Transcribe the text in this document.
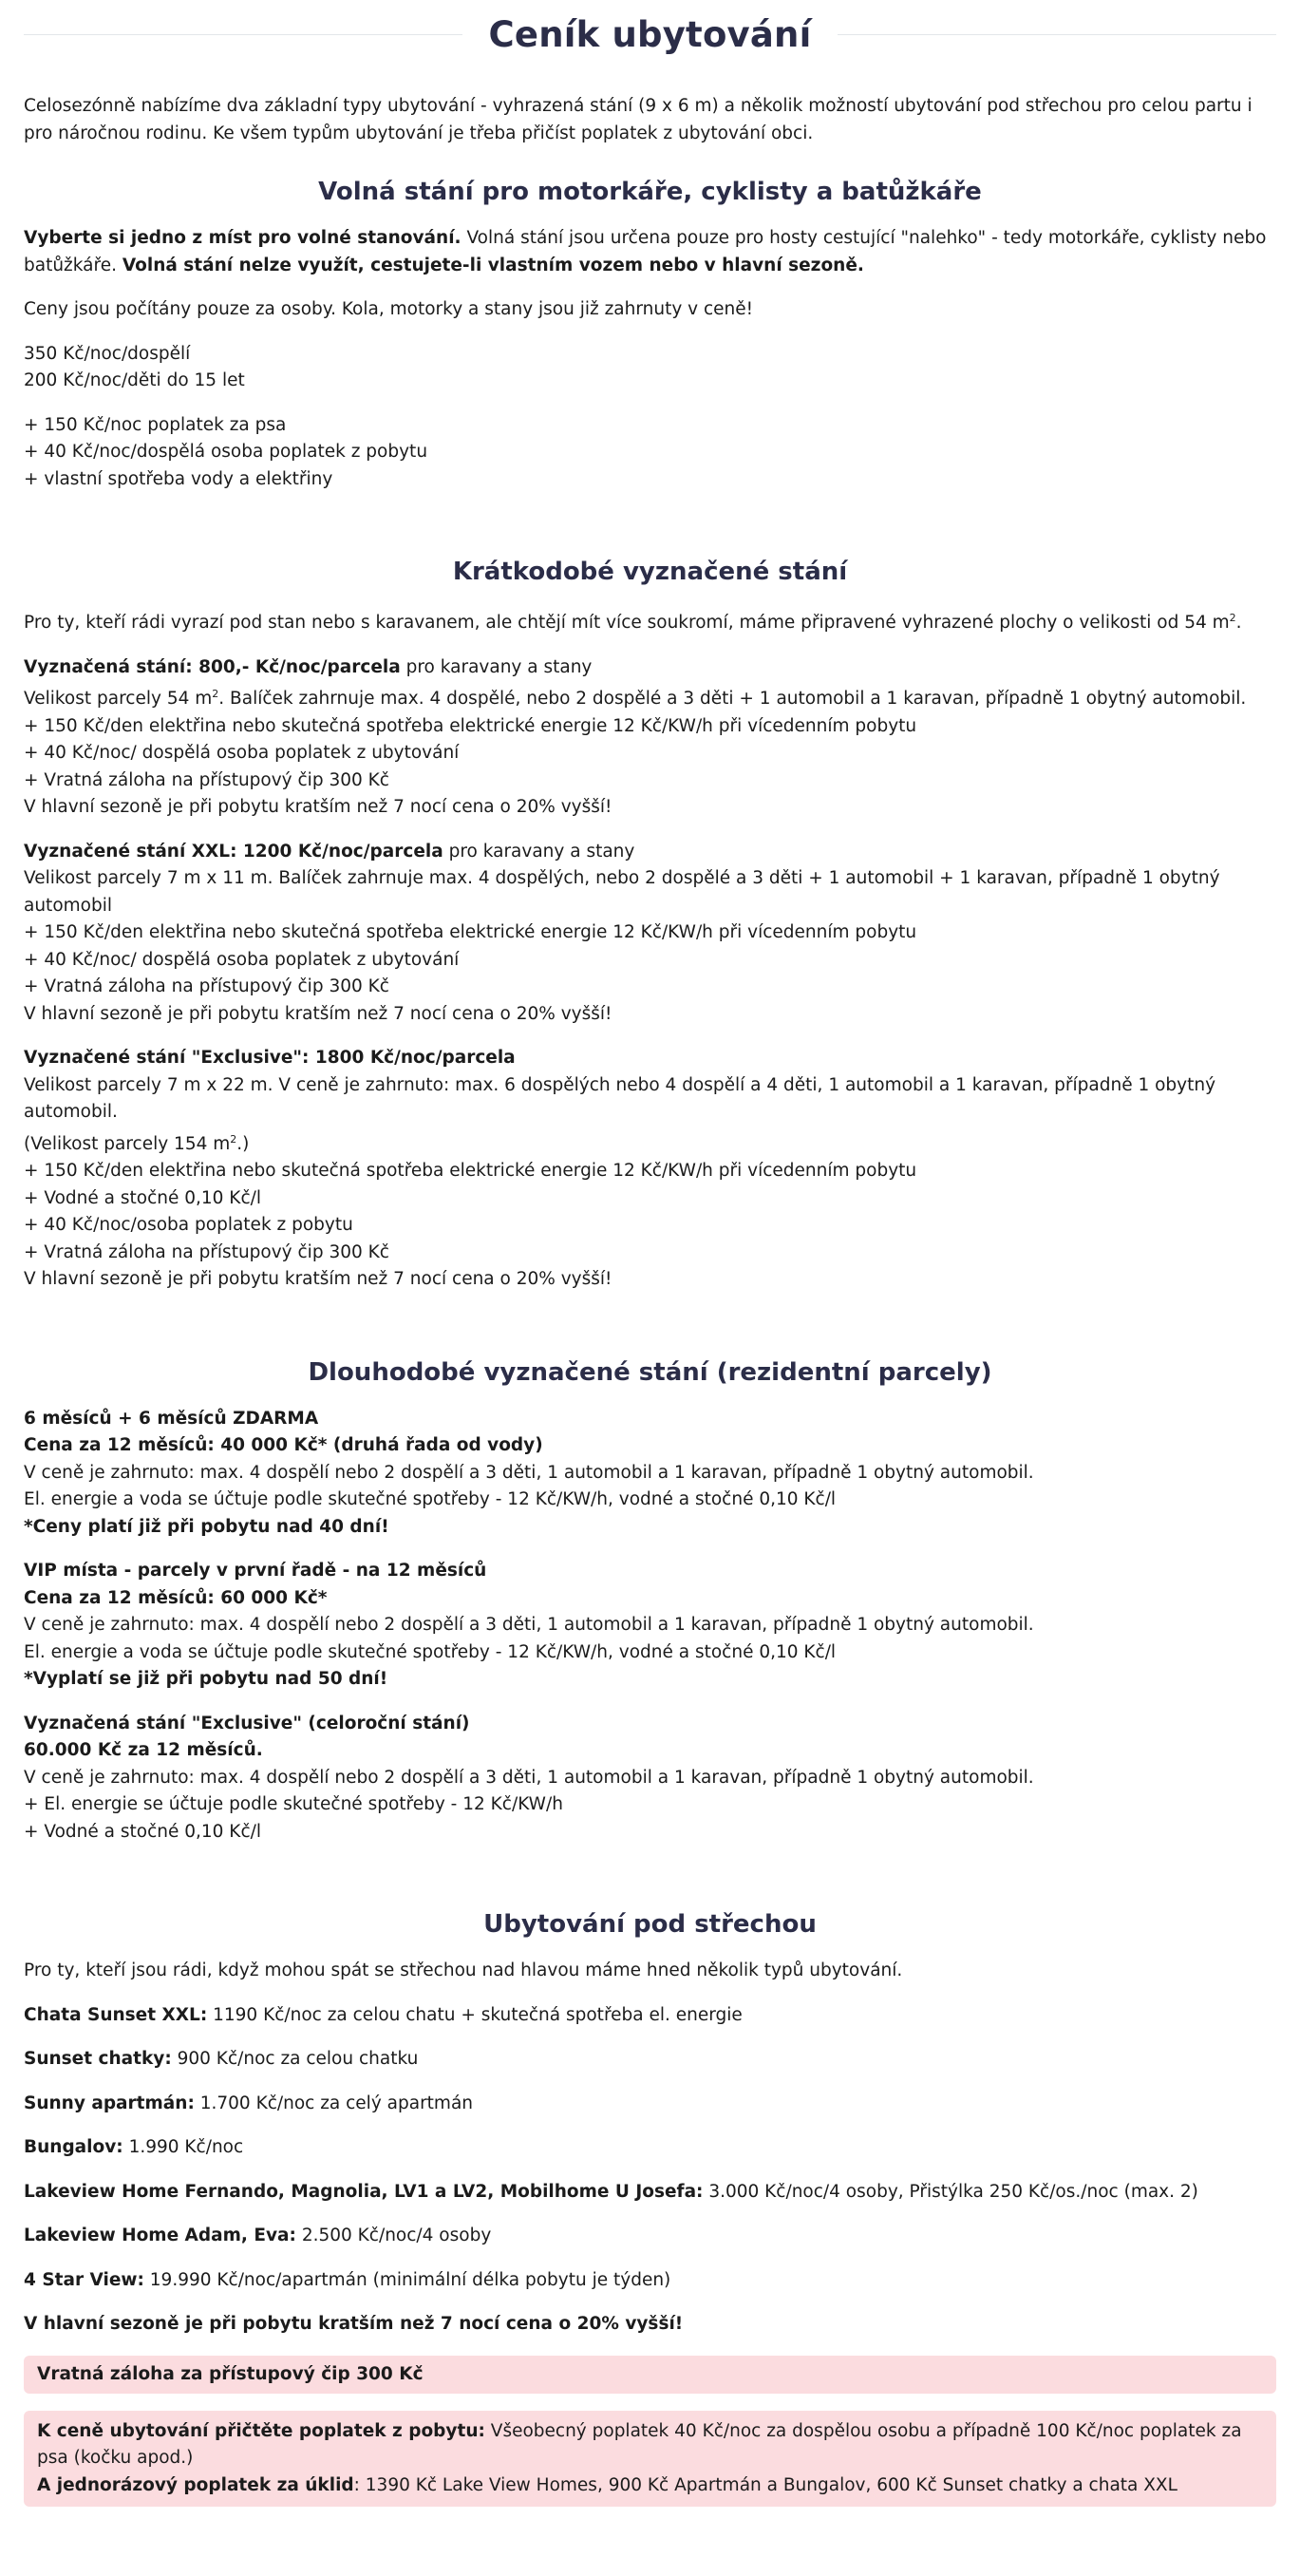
Ceník ubytování

Celosezónně nabízíme dva základní typy ubytování - vyhrazená stání (9 x 6 m) a několik možností ubytování pod střechou pro celou partu i pro náročnou rodinu. Ke všem typům ubytování je třeba přičíst poplatek z ubytování obci.

Volná stání pro motorkáře, cyklisty a batůžkáře

Vyberte si jedno z míst pro volné stanování. Volná stání jsou určena pouze pro hosty cestující "nalehko" - tedy motorkáře, cyklisty nebo batůžkáře. Volná stání nelze využít, cestujete-li vlastním vozem nebo v hlavní sezoně.

Ceny jsou počítány pouze za osoby. Kola, motorky a stany jsou již zahrnuty v ceně!

350 Kč/noc/dospělí
200 Kč/noc/děti do 15 let

+ 150 Kč/noc poplatek za psa
+ 40 Kč/noc/dospělá osoba poplatek z pobytu
+ vlastní spotřeba vody a elektřiny

Krátkodobé vyznačené stání

Pro ty, kteří rádi vyrazí pod stan nebo s karavanem, ale chtějí mít více soukromí, máme připravené vyhrazené plochy o velikosti od 54 $m^2$.

Vyznačená stání: 800,- Kč/noc/parcela pro karavany a stany
Velikost parcely 54 $m^2$. Balíček zahrnuje max. 4 dospělé, nebo 2 dospělé a 3 děti + 1 automobil a 1 karavan, případně 1 obytný automobil.
+ 150 Kč/den elektřina nebo skutečná spotřeba elektrické energie 12 Kč/KW/h při vícedenním pobytu
+ 40 Kč/noc/ dospělá osoba poplatek z ubytování
+ Vratná záloha na přístupový čip 300 Kč
V hlavní sezoně je při pobytu kratším než 7 nocí cena o 20% vyšší!

Vyznačené stání XXL: 1200 Kč/noc/parcela pro karavany a stany
Velikost parcely 7 m x 11 m. Balíček zahrnuje max. 4 dospělých, nebo 2 dospělé a 3 děti + 1 automobil + 1 karavan, případně 1 obytný automobil
+ 150 Kč/den elektřina nebo skutečná spotřeba elektrické energie 12 Kč/KW/h při vícedenním pobytu
+ 40 Kč/noc/ dospělá osoba poplatek z ubytování
+ Vratná záloha na přístupový čip 300 Kč
V hlavní sezoně je při pobytu kratším než 7 nocí cena o 20% vyšší!

Vyznačené stání "Exclusive": 1800 Kč/noc/parcela
Velikost parcely 7 m x 22 m. V ceně je zahrnuto: max. 6 dospělých nebo 4 dospělí a 4 děti, 1 automobil a 1 karavan, případně 1 obytný automobil.
(Velikost parcely 154 $m^2$.)
+ 150 Kč/den elektřina nebo skutečná spotřeba elektrické energie 12 Kč/KW/h při vícedenním pobytu
+ Vodné a stočné 0,10 Kč/l
+ 40 Kč/noc/osoba poplatek z pobytu
+ Vratná záloha na přístupový čip 300 Kč
V hlavní sezoně je při pobytu kratším než 7 nocí cena o 20% vyšší!

Dlouhodobé vyznačené stání (rezidentní parcely)

6 měsíců + 6 měsíců ZDARMA
Cena za 12 měsíců: 40 000 Kč* (druhá řada od vody)
V ceně je zahrnuto: max. 4 dospělí nebo 2 dospělí a 3 děti, 1 automobil a 1 karavan, případně 1 obytný automobil.
El. energie a voda se účtuje podle skutečné spotřeby - 12 Kč/KW/h, vodné a stočné 0,10 Kč/l
*Ceny platí již při pobytu nad 40 dní!

VIP místa - parcely v první řadě - na 12 měsíců
Cena za 12 měsíců: 60 000 Kč*
V ceně je zahrnuto: max. 4 dospělí nebo 2 dospělí a 3 děti, 1 automobil a 1 karavan, případně 1 obytný automobil.
El. energie a voda se účtuje podle skutečné spotřeby - 12 Kč/KW/h, vodné a stočné 0,10 Kč/l
*Vyplatí se již při pobytu nad 50 dní!

Vyznačená stání "Exclusive" (celoroční stání)
60.000 Kč za 12 měsíců.
V ceně je zahrnuto: max. 4 dospělí nebo 2 dospělí a 3 děti, 1 automobil a 1 karavan, případně 1 obytný automobil.
+ El. energie se účtuje podle skutečné spotřeby - 12 Kč/KW/h
+ Vodné a stočné 0,10 Kč/l

Ubytování pod střechou

Pro ty, kteří jsou rádi, když mohou spát se střechou nad hlavou máme hned několik typů ubytování.

Chata Sunset XXL: 1190 Kč/noc za celou chatu + skutečná spotřeba el. energie

Sunset chatky: 900 Kč/noc za celou chatku

Sunny apartmán: 1.700 Kč/noc za celý apartmán

Bungalov: 1.990 Kč/noc

Lakeview Home Fernando, Magnolia, LV1 a LV2, Mobilhome U Josefa: 3.000 Kč/noc/4 osoby, Přistýlka 250 Kč/os./noc (max. 2)

Lakeview Home Adam, Eva: 2.500 Kč/noc/4 osoby

4 Star View: 19.990 Kč/noc/apartmán (minimální délka pobytu je týden)

V hlavní sezoně je při pobytu kratším než 7 nocí cena o 20% vyšší!

Vratná záloha za přístupový čip 300 Kč

K ceně ubytování přičtěte poplatek z pobytu: Všeobecný poplatek 40 Kč/noc za dospělou osobu a případně 100 Kč/noc poplatek za psa (kočku apod.)

A jednorázový poplatek za úklid: 1390 Kč Lake View Homes, 900 Kč Apartmán a Bungalov, 600 Kč Sunset chatky a chata XXL
